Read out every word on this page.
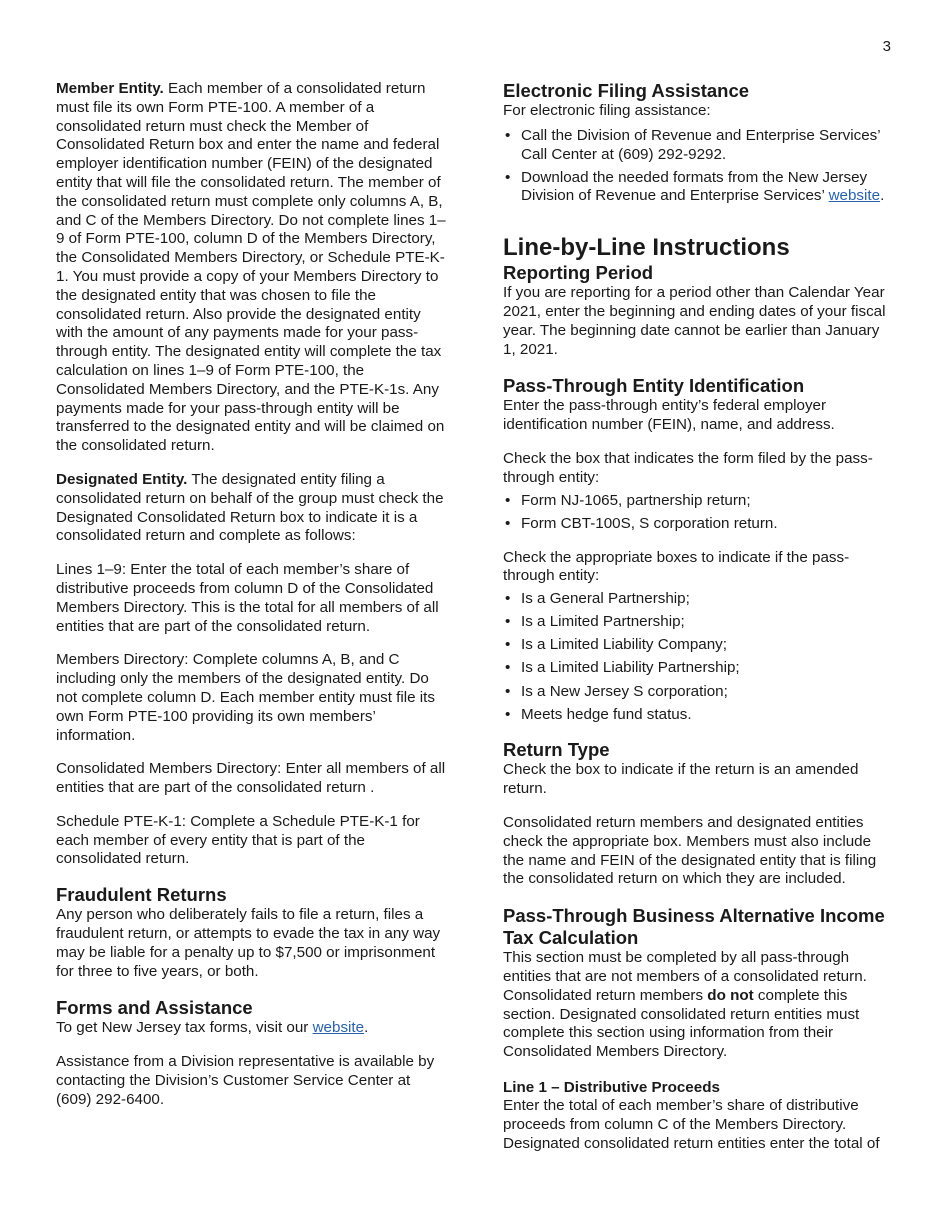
3

Member Entity. Each member of a consolidated return must file its own Form PTE-100. A member of a consolidated return must check the Member of Consolidated Return box and enter the name and federal employer identification number (FEIN) of the designated entity that will file the consolidated return. The member of the consolidated return must complete only columns A, B, and C of the Members Directory. Do not complete lines 1–9 of Form PTE-100, column D of the Members Directory, the Consolidated Members Directory, or Schedule PTE-K-1. You must provide a copy of your Members Directory to the designated entity that was chosen to file the consolidated return. Also provide the designated entity with the amount of any payments made for your pass-through entity. The designated entity will complete the tax calculation on lines 1–9 of Form PTE-100, the Consolidated Members Directory, and the PTE-K-1s. Any payments made for your pass-through entity will be transferred to the designated entity and will be claimed on the consolidated return.

Designated Entity. The designated entity filing a consolidated return on behalf of the group must check the Designated Consolidated Return box to indicate it is a consolidated return and complete as follows:

Lines 1–9: Enter the total of each member’s share of distributive proceeds from column D of the Consolidated Members Directory. This is the total for all members of all entities that are part of the consolidated return.

Members Directory: Complete columns A, B, and C including only the members of the designated entity. Do not complete column D. Each member entity must file its own Form PTE-100 providing its own members’ information.

Consolidated Members Directory: Enter all members of all entities that are part of the consolidated return .

Schedule PTE-K-1: Complete a Schedule PTE-K-1 for each member of every entity that is part of the consolidated return.

Fraudulent Returns

Any person who deliberately fails to file a return, files a fraudulent return, or attempts to evade the tax in any way may be liable for a penalty up to $7,500 or imprisonment for three to five years, or both.

Forms and Assistance

To get New Jersey tax forms, visit our website.

Assistance from a Division representative is available by contacting the Division’s Customer Service Center at (609) 292-6400.

Electronic Filing Assistance
For electronic filing assistance:
• Call the Division of Revenue and Enterprise Services’ Call Center at (609) 292-9292.
• Download the needed formats from the New Jersey Division of Revenue and Enterprise Services’ website.
Line-by-Line Instructions
Reporting Period

If you are reporting for a period other than Calendar Year 2021, enter the beginning and ending dates of your fiscal year. The beginning date cannot be earlier than January 1, 2021.

Pass-Through Entity Identification

Enter the pass-through entity’s federal employer identification number (FEIN), name, and address.

Check the box that indicates the form filed by the pass-through entity:
• Form NJ-1065, partnership return;
• Form CBT-100S, S corporation return.
Check the appropriate boxes to indicate if the pass-through entity:
• Is a General Partnership;
• Is a Limited Partnership;
• Is a Limited Liability Company;
• Is a Limited Liability Partnership;
• Is a New Jersey S corporation;
• Meets hedge fund status.
Return Type

Check the box to indicate if the return is an amended return.

Consolidated return members and designated entities check the appropriate box. Members must also include the name and FEIN of the designated entity that is filing the consolidated return on which they are included.

Pass-Through Business Alternative Income Tax Calculation

This section must be completed by all pass-through entities that are not members of a consolidated return. Consolidated return members do not complete this section. Designated consolidated return entities must complete this section using information from their Consolidated Members Directory.

Line 1 – Distributive Proceeds

Enter the total of each member’s share of distributive proceeds from column C of the Members Directory. Designated consolidated return entities enter the total of
